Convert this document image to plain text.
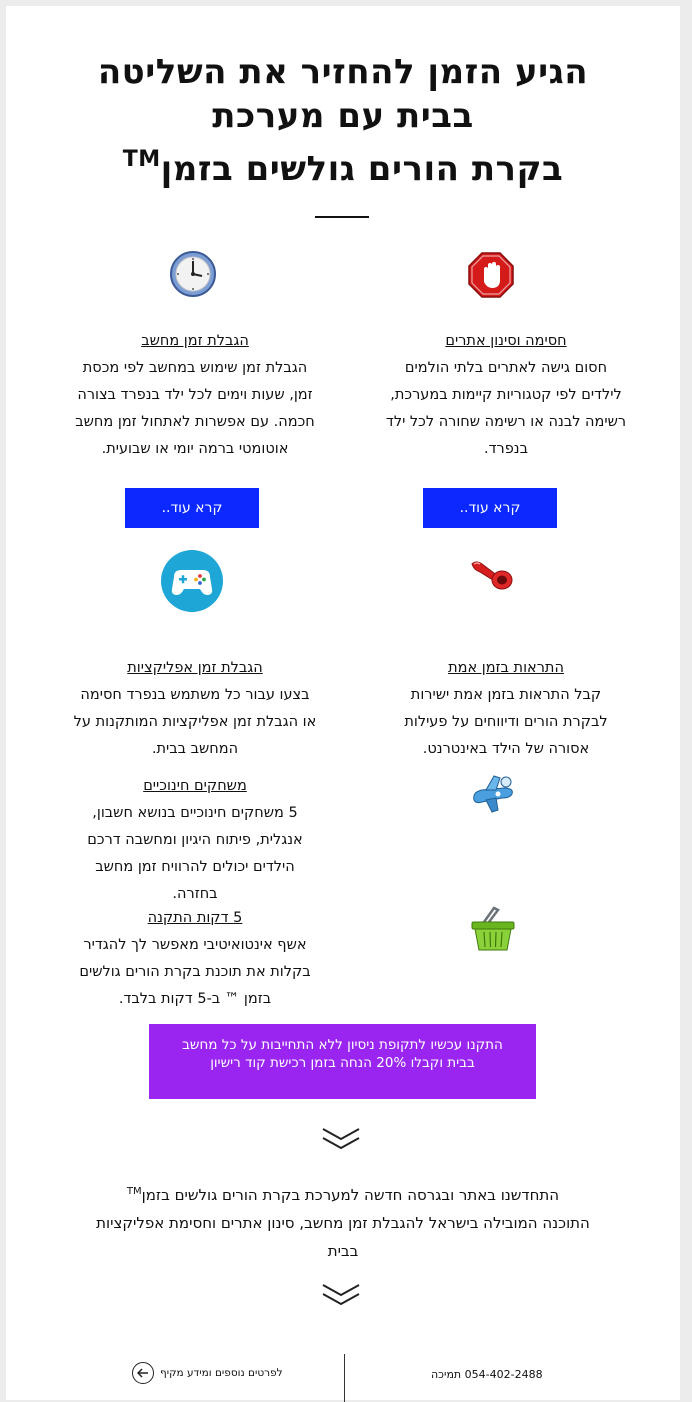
הגיע הזמן להחזיר את השליטה
בבית עם מערכת
בקרת הורים גולשים בזמן™
חסימה וסינון אתרים
חסום גישה לאתרים בלתי הולמים
לילדים לפי קטגוריות קיימות במערכת,
רשימה לבנה או רשימה שחורה לכל ילד
בנפרד.
הגבלת זמן מחשב
הגבלת זמן שימוש במחשב לפי מכסת
זמן, שעות וימים לכל ילד בנפרד בצורה
חכמה. עם אפשרות לאתחול זמן מחשב
אוטומטי ברמה יומי או שבועית.
קרא עוד..
קרא עוד..
התראות בזמן אמת
קבל התראות בזמן אמת ישירות
לבקרת הורים ודיווחים על פעילות
אסורה של הילד באינטרנט.
הגבלת זמן אפליקציות
בצעו עבור כל משתמש בנפרד חסימה
או הגבלת זמן אפליקציות המותקנות על
המחשב בבית.
משחקים חינוכיים
5 משחקים חינוכיים בנושא חשבון,
אנגלית, פיתוח היגיון ומחשבה דרכם
הילדים יכולים להרוויח זמן מחשב
בחזרה.
5 דקות התקנה
אשף אינטואיטיבי מאפשר לך להגדיר
בקלות את תוכנת בקרת הורים גולשים
בזמן ™ ב-5 דקות בלבד.
התקנו עכשיו לתקופת ניסיון ללא התחייבות על כל מחשב בבית וקבלו 20% הנחה בזמן רכישת קוד רישיון
התחדשנו באתר ובגרסה חדשה למערכת בקרת הורים גולשים בזמן™
התוכנה המובילה בישראל להגבלת זמן מחשב, סינון אתרים וחסימת אפליקציות
בבית
054-402-2488 תמיכה
לפרטים נוספים ומידע מקיף
